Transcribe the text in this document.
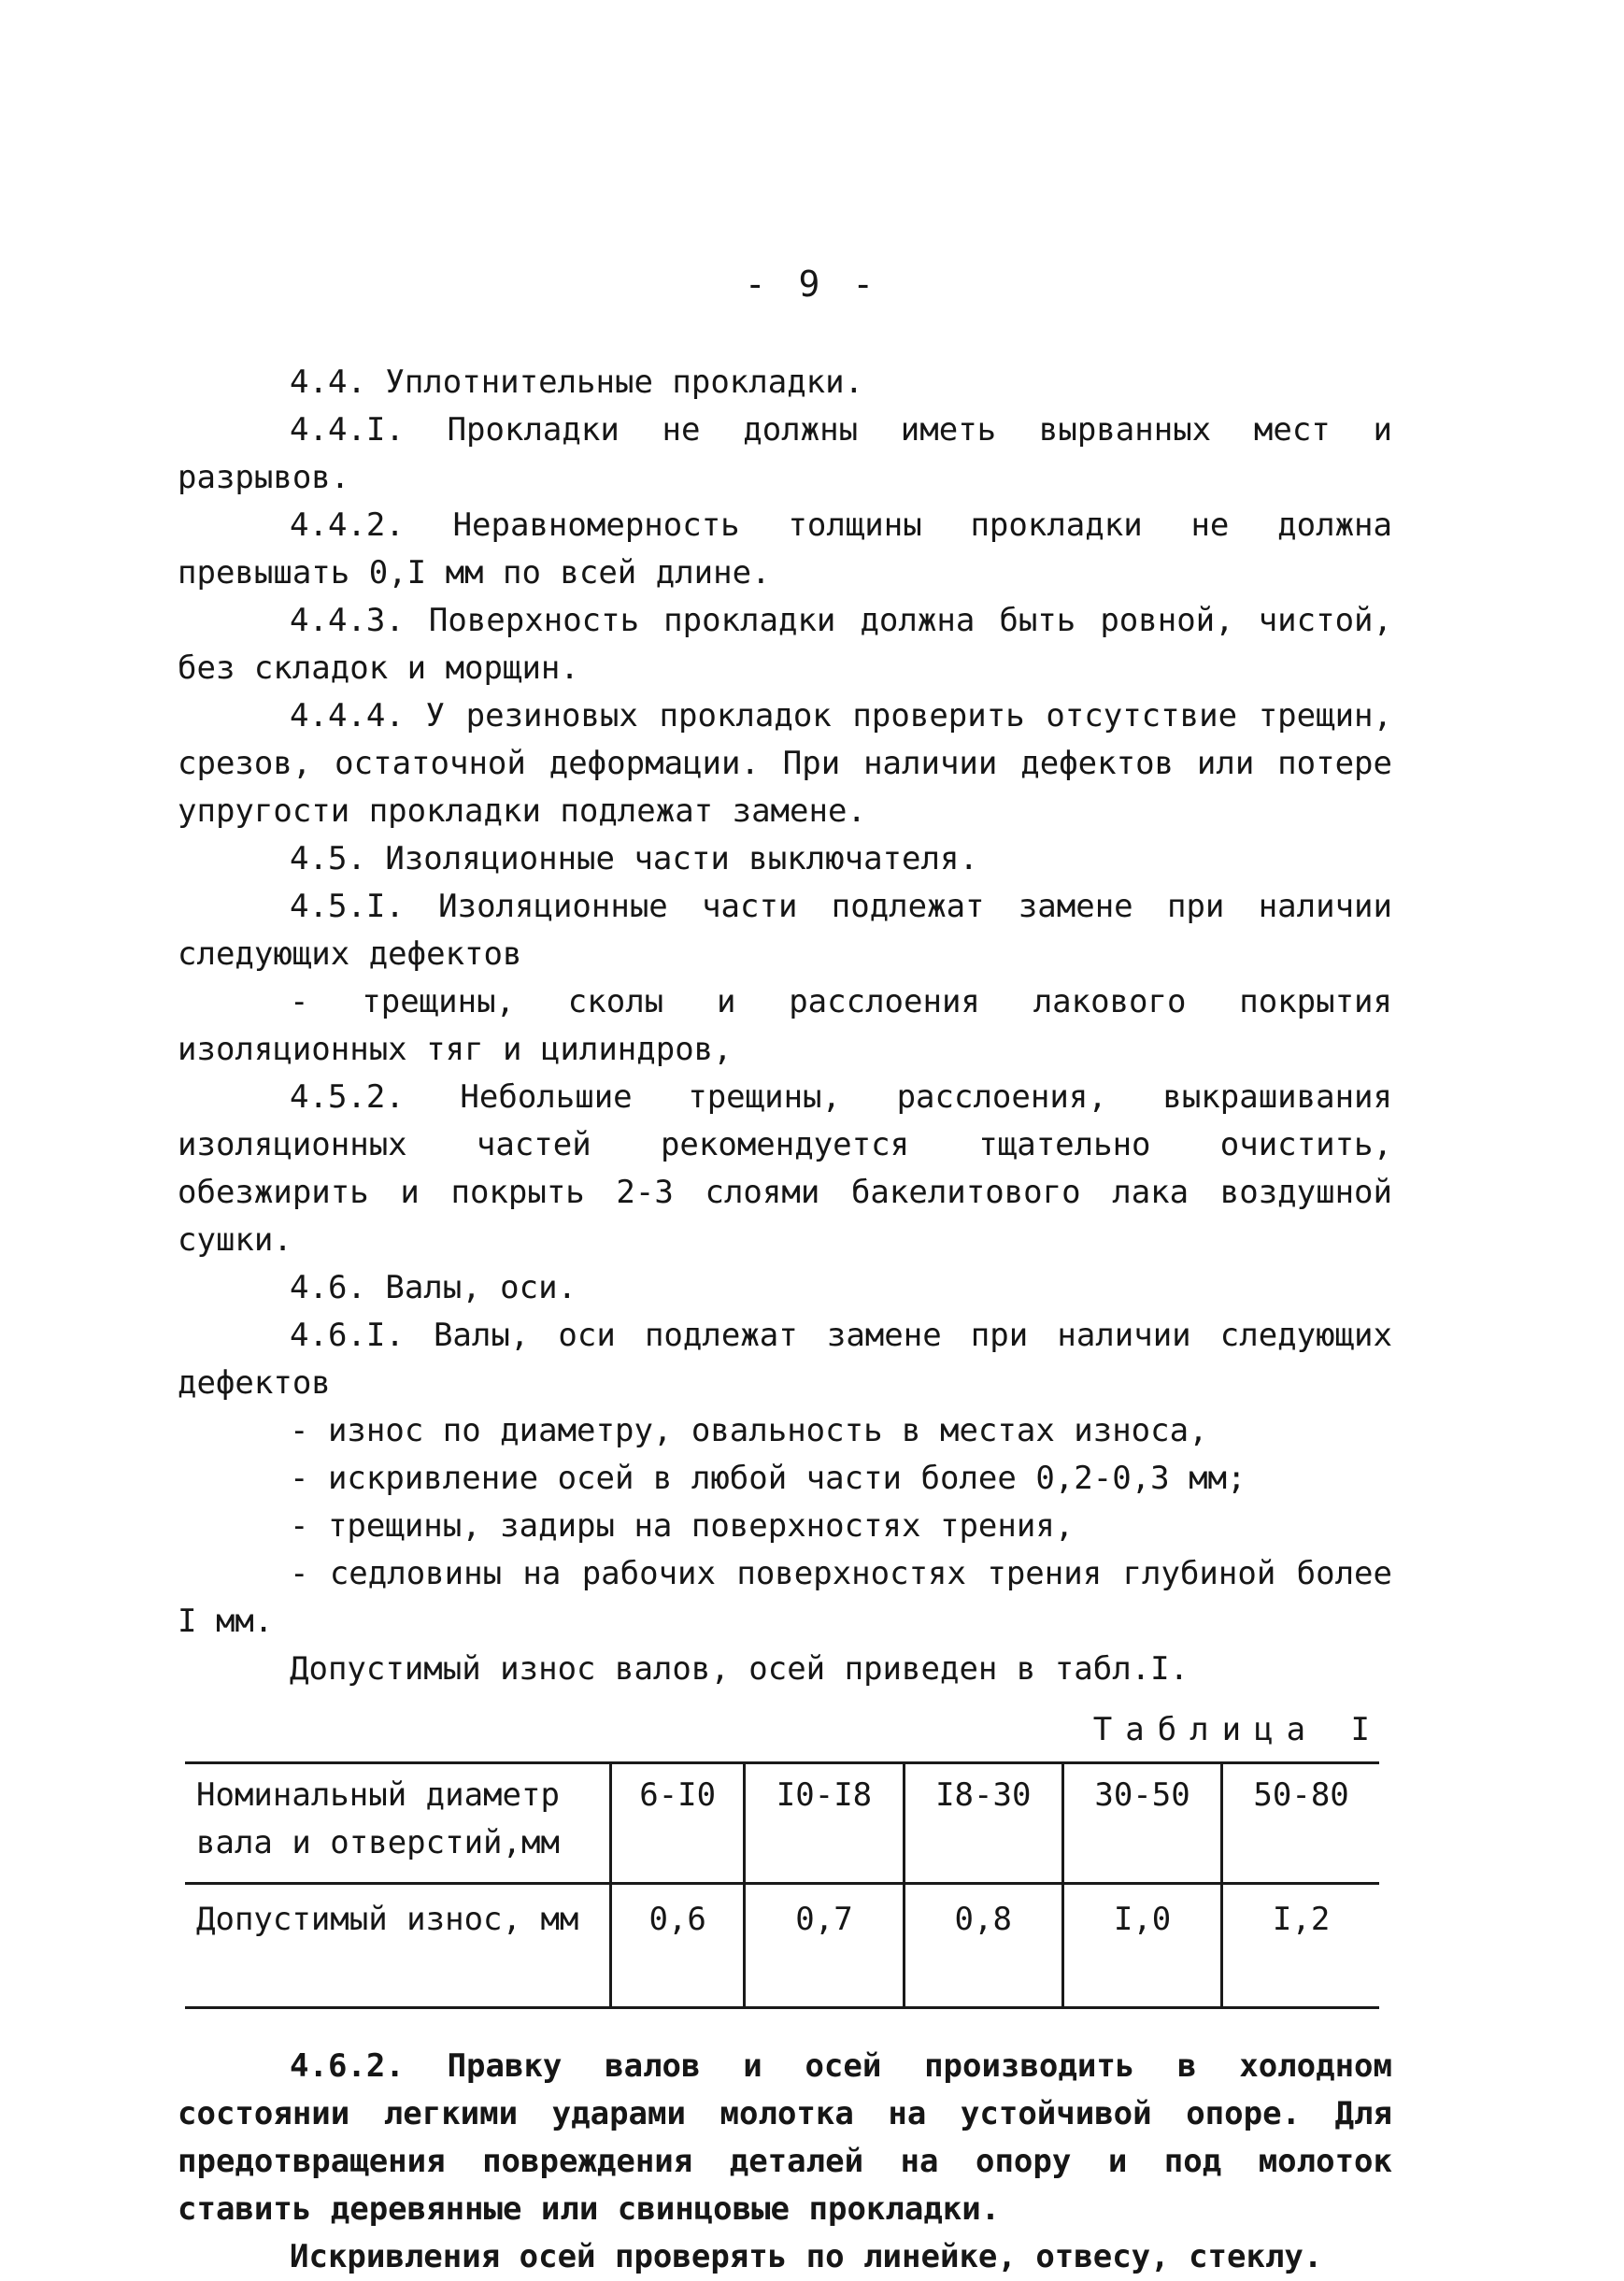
- 9 -

4.4. Уплотнительные прокладки.

4.4.I. Прокладки не должны иметь вырванных мест и разрывов.

4.4.2. Неравномерность толщины прокладки не должна превышать 0,I мм по всей длине.

4.4.3. Поверхность прокладки должна быть ровной, чистой, без складок и морщин.

4.4.4. У резиновых прокладок проверить отсутствие трещин, срезов, остаточной деформации. При наличии дефектов или потере упругости прокладки подлежат замене.

4.5. Изоляционные части выключателя.

4.5.I. Изоляционные части подлежат замене при наличии следующих дефектов

- трещины, сколы и расслоения лакового покрытия изоляционных тяг и цилиндров,

4.5.2. Небольшие трещины, расслоения, выкрашивания изоляционных частей рекомендуется тщательно очистить, обезжирить и покрыть 2-3 слоями бакелитового лака воздушной сушки.

4.6. Валы, оси.

4.6.I. Валы, оси подлежат замене при наличии следующих дефектов

- износ по диаметру, овальность в местах износа,

- искривление осей в любой части более 0,2-0,3 мм;

- трещины, задиры на поверхностях трения,

- седловины на рабочих поверхностях трения глубиной более I мм.

Допустимый износ валов, осей приведен в табл.I.

Таблица I
Номинальный диаметр вала и отверстий,мм	6-I0	I0-I8	I8-30	30-50	50-80
Допустимый износ, мм	0,6	0,7	0,8	I,0	I,2

4.6.2. Правку валов и осей производить в холодном состоянии легкими ударами молотка на устойчивой опоре. Для предотвращения повреждения деталей на опору и под молоток ставить деревянные или свинцовые прокладки.

Искривления осей проверять по линейке, отвесу, стеклу.
